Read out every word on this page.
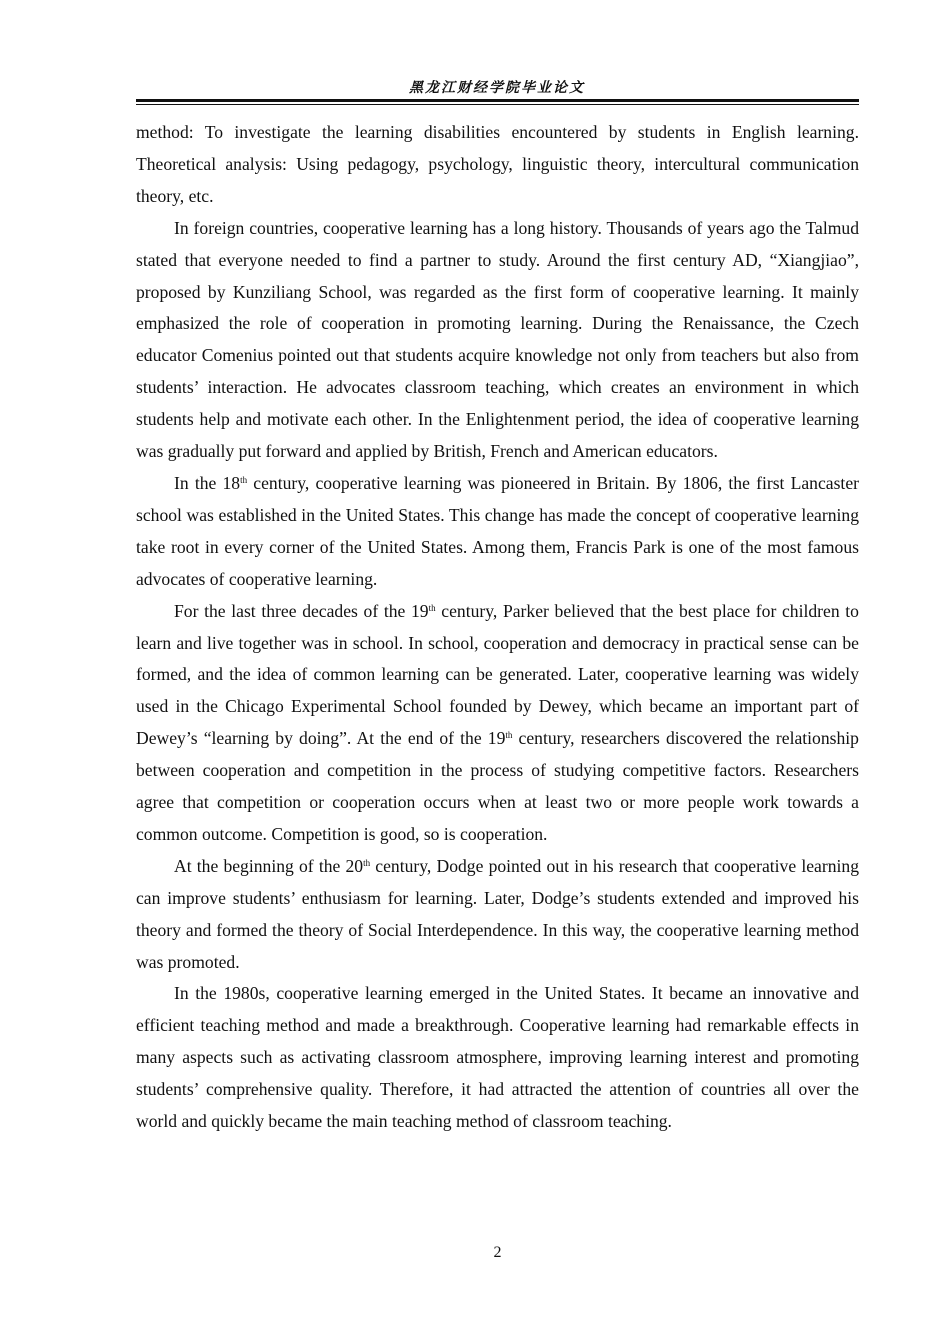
黑龙江财经学院毕业论文

method: To investigate the learning disabilities encountered by students in English learning. Theoretical analysis: Using pedagogy, psychology, linguistic theory, intercultural communication theory, etc.

In foreign countries, cooperative learning has a long history. Thousands of years ago the Talmud stated that everyone needed to find a partner to study. Around the first century AD, “Xiangjiao”, proposed by Kunziliang School, was regarded as the first form of cooperative learning. It mainly emphasized the role of cooperation in promoting learning. During the Renaissance, the Czech educator Comenius pointed out that students acquire knowledge not only from teachers but also from students’ interaction. He advocates classroom teaching, which creates an environment in which students help and motivate each other. In the Enlightenment period, the idea of cooperative learning was gradually put forward and applied by British, French and American educators.

In the 18th century, cooperative learning was pioneered in Britain. By 1806, the first Lancaster school was established in the United States. This change has made the concept of cooperative learning take root in every corner of the United States. Among them, Francis Park is one of the most famous advocates of cooperative learning.

For the last three decades of the 19th century, Parker believed that the best place for children to learn and live together was in school. In school, cooperation and democracy in practical sense can be formed, and the idea of common learning can be generated. Later, cooperative learning was widely used in the Chicago Experimental School founded by Dewey, which became an important part of Dewey’s “learning by doing”. At the end of the 19th century, researchers discovered the relationship between cooperation and competition in the process of studying competitive factors. Researchers agree that competition or cooperation occurs when at least two or more people work towards a common outcome. Competition is good, so is cooperation.

At the beginning of the 20th century, Dodge pointed out in his research that cooperative learning can improve students’ enthusiasm for learning. Later, Dodge’s students extended and improved his theory and formed the theory of Social Interdependence. In this way, the cooperative learning method was promoted.

In the 1980s, cooperative learning emerged in the United States. It became an innovative and efficient teaching method and made a breakthrough. Cooperative learning had remarkable effects in many aspects such as activating classroom atmosphere, improving learning interest and promoting students’ comprehensive quality. Therefore, it had attracted the attention of countries all over the world and quickly became the main teaching method of classroom teaching.

2
